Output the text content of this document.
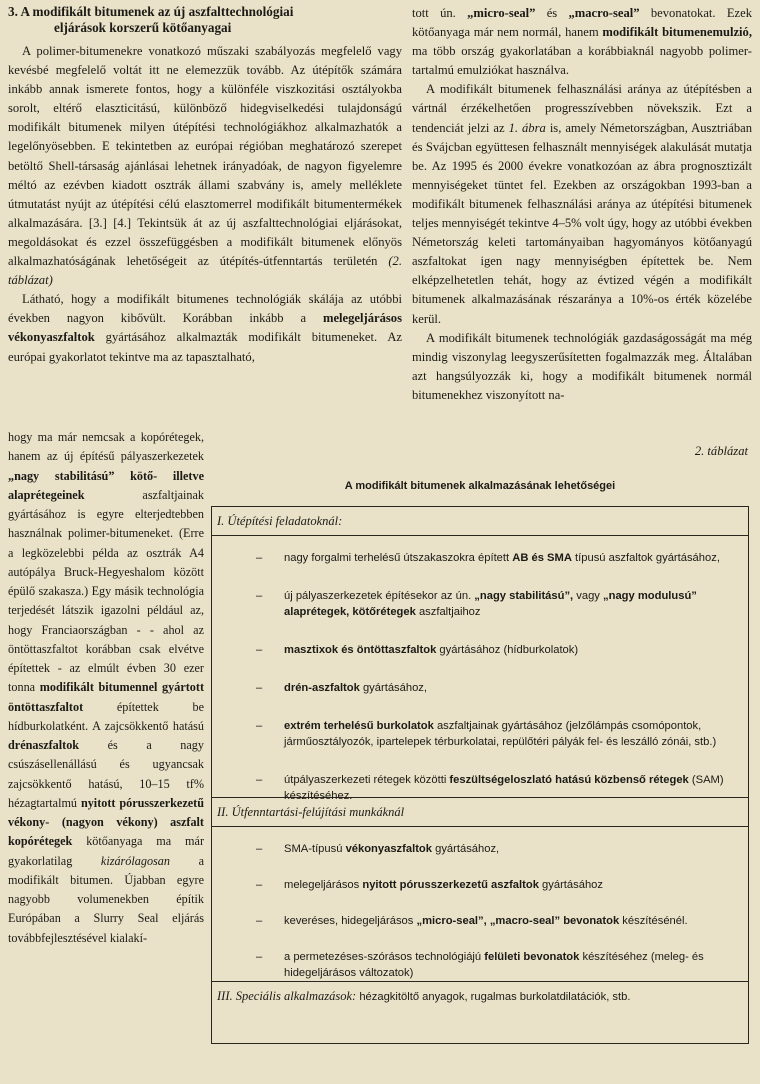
3. A modifikált bitumenek az új aszfalttechnológiai
eljárások korszerű kötőanyagai

A polimer-bitumenekre vonatkozó műszaki szabályozás megfelelő vagy kevésbé megfelelő voltát itt ne elemezzük tovább. Az útépítők számára inkább annak ismerete fontos, hogy a különféle viszkozitási osztályokba sorolt, eltérő elaszticitású, különböző hidegviselkedési tulajdonságú modifikált bitumenek milyen útépítési technológiákhoz alkalmazhatók a legelőnyösebben. E tekintetben az európai régióban meghatározó szerepet betöltő Shell-társaság ajánlásai lehetnek irányadóak, de nagyon figyelemre méltó az ezévben kiadott osztrák állami szabvány is, amely melléklete útmutatást nyújt az útépítési célú elasztomerrel modifikált bitumentermékek alkalmazására. [3.] [4.] Tekintsük át az új aszfalttechnológiai eljárásokat, megoldásokat és ezzel összefüggésben a modifikált bitumenek előnyös alkalmazhatóságának lehetőségeit az útépítés-útfenntartás területén (2. táblázat)

Látható, hogy a modifikált bitumenes technológiák skálája az utóbbi években nagyon kibővült. Korábban inkább a melegeljárásos vékonyaszfaltok gyártásához alkalmazták modifikált bitumeneket. Az európai gyakorlatot tekintve ma az tapasztalható,

hogy ma már nemcsak a kopórétegek, hanem az új építésű pályaszerkezetek „nagy stabilitású” kötő- illetve alaprétegeinek	aszfaltjainak gyártásához is egyre elterjedtebben használnak polimer-bitumeneket. (Erre a legközelebbi példa az osztrák A4 autópálya Bruck-Hegyeshalom között épülő szakasza.) Egy másik technológia terjedését látszik igazolni például az, hogy Franciaországban - - ahol az öntöttaszfaltot korábban csak elvétve építettek - az elmúlt évben 30 ezer tonna modifikált bitumennel gyártott öntöttaszfaltot	építettek be hídburkolatként. A zajcsökkentő hatású drénaszfaltok és a nagy csúszásellenállású és ugyancsak zajcsökkentő hatású, 10–15 tf% hézagtartalmú nyitott pórusszerkezetű vékony- (nagyon vékony) aszfalt kopórétegek kötőanyaga ma már gyakorlatilag kizárólagosan a modifikált bitumen. Újabban egyre nagyobb volumenekben építik Európában a Slurry Seal eljárás továbbfejlesztésével kialakí-

tott ún. „micro-seal” és „macro-seal” bevonatokat. Ezek kötőanyaga már nem normál, hanem modifikált bitumenemulzió, ma több ország gyakorlatában a korábbiaknál nagyobb polimer-tartalmú emulziókat használva.

A modifikált bitumenek felhasználási aránya az útépítésben a vártnál érzékelhetően progresszívebben növekszik. Ezt a tendenciát jelzi az 1. ábra is, amely Németországban, Ausztriában és Svájcban együttesen felhasznált mennyiségek alakulását mutatja be. Az 1995 és 2000 évekre vonatkozóan az ábra prognosztizált mennyiségeket tüntet fel. Ezekben az országokban 1993-ban a modifikált bitumenek felhasználási aránya az útépítési bitumenek teljes mennyiségét tekintve 4–5% volt úgy, hogy az utóbbi években Németország keleti tartományaiban hagyományos kötőanyagú aszfaltokat igen nagy mennyiségben építettek be. Nem elképzelhetetlen tehát, hogy az évtized végén a modifikált bitumenek alkalmazásának részaránya a 10%-os érték közelébe kerül.

A modifikált bitumenek technológiák gazdaságosságát ma még mindig viszonylag leegyszerűsítetten fogalmazzák meg. Általában azt hangsúlyozzák ki, hogy a modifikált bitumenek normál bitumenekhez viszonyított na-

2. táblázat
A modifikált bitumenek alkalmazásának lehetőségei
I. Útépítési feladatoknál:
– nagy forgalmi terhelésű útszakaszokra épített AB és SMA típusú aszfaltok gyártásához,
– új pályaszerkezetek építésekor az ún. „nagy stabilitású”, vagy „nagy modulusú” alaprétegek, kötőrétegek aszfaltjaihoz
– masztixok és öntöttaszfaltok gyártásához (hídburkolatok)
– drén-aszfaltok gyártásához,
– extrém terhelésű burkolatok aszfaltjainak gyártásához (jelzőlámpás csomópontok, járműosztályozók, ipartelepek térburkolatai, repülőtéri pályák fel- és leszálló zónái, stb.)
– útpályaszerkezeti rétegek közötti feszültségeloszlató hatású közbenső rétegek (SAM) készítéséhez.
II. Útfenntartási-felújítási munkáknál
– SMA-típusú vékonyaszfaltok gyártásához,
– melegeljárásos nyitott pórusszerkezetű aszfaltok gyártásához
– keveréses, hidegeljárásos „micro-seal”, „macro-seal” bevonatok készítésénél.
– a permetezéses-szórásos technológiájú felületi bevonatok készítéséhez (meleg- és hidegeljárásos változatok)
III. Speciális alkalmazások: hézagkitöltő anyagok, rugalmas burkolatdilatációk, stb.
